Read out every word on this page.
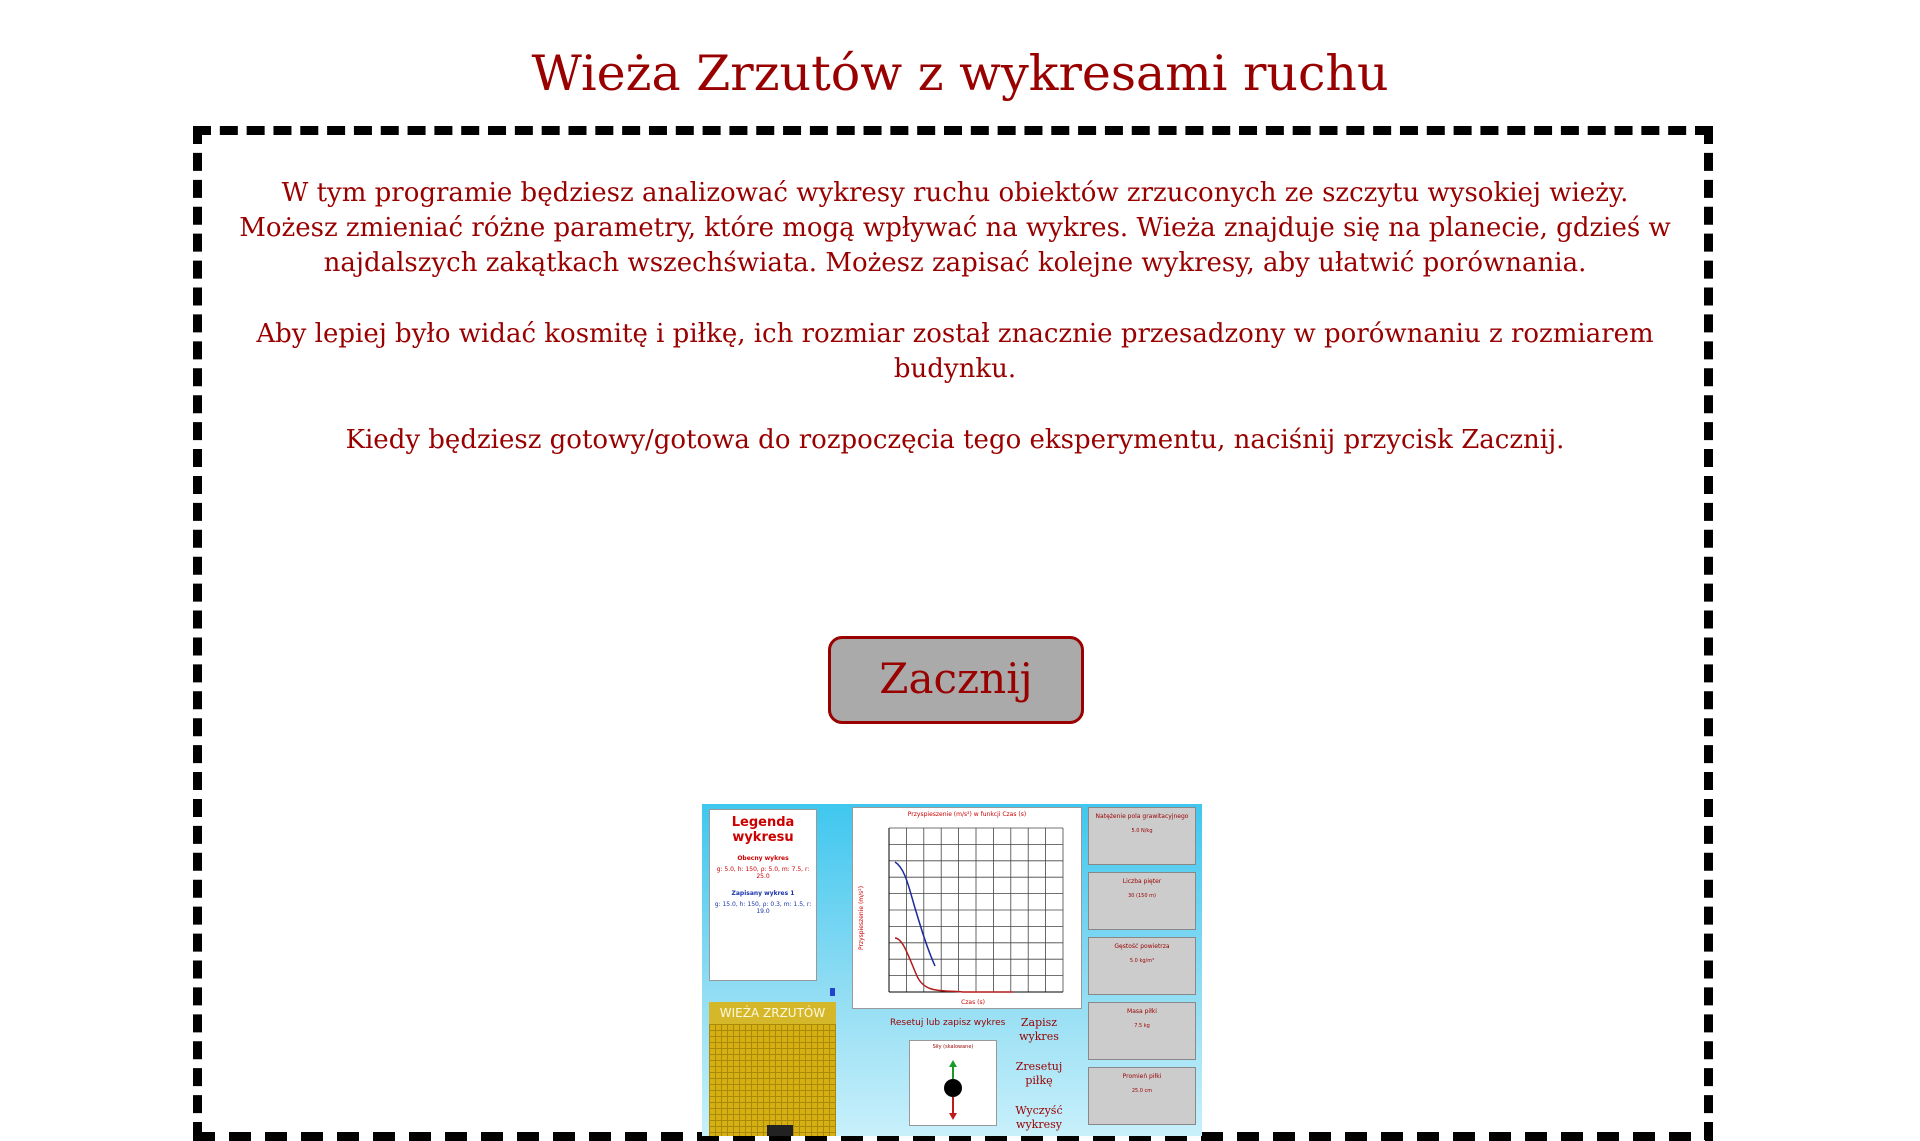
Wieża Zrzutów z wykresami ruchu

W tym programie będziesz analizować wykresy ruchu obiektów zrzuconych ze szczytu wysokiej wieży. Możesz zmieniać różne parametry, które mogą wpływać na wykres. Wieża znajduje się na planecie, gdzieś w najdalszych zakątkach wszechświata. Możesz zapisać kolejne wykresy, aby ułatwić porównania.

Aby lepiej było widać kosmitę i piłkę, ich rozmiar został znacznie przesadzony w porównaniu z rozmiarem budynku.

Kiedy będziesz gotowy/gotowa do rozpoczęcia tego eksperymentu, naciśnij przycisk Zacznij.

Zacznij
Legenda wykresu
Obecny wykres
g: 5.0, h: 150, ρ: 5.0, m: 7.5, r: 25.0
Zapisany wykres 1
g: 15.0, h: 150, ρ: 0.3, m: 1.5, r: 19.0
Przyspieszenie (m/s²) w funkcji Czas (s)
Czas (s)
Przyspieszenie (m/s²)
Natężenie pola grawitacyjnego
5.0 N/kg
Liczba pięter
30 (150 m)
Gęstość powietrza
5.0 kg/m³
Masa piłki
7.5 kg
Promień piłki
25.0 cm
WIEŻA ZRZUTÓW
Resetuj lub zapisz wykres
Siły (skalowane)
Zapisz wykres
Zresetuj piłkę
Wyczyść wykresy
